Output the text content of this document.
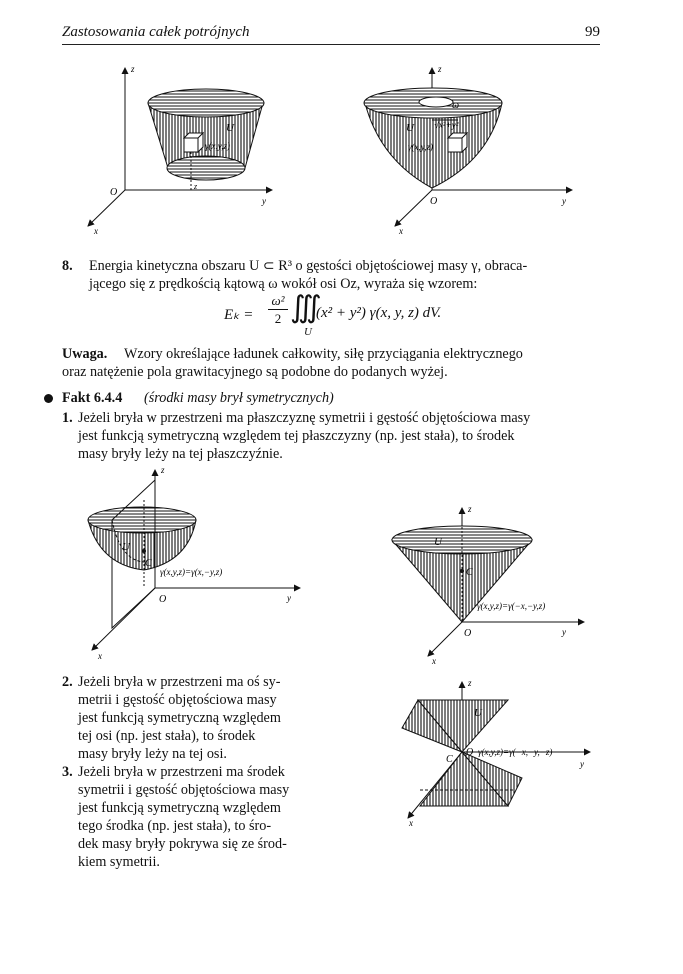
Zastosowania całek potrójnych	99
z
y
x
O
U
γ(x,y,z)
z
z
y
x
O
U
ω
√x²+y²
γ(x,y,z)
z
y
x
O
U
C
γ(x,y,z)=γ(x,−y,z)
z
y
x
O
U
C
γ(x,y,z)=γ(−x,−y,z)
z
y
x
O
U
C
γ(x,y,z)=γ(−x,−y,−z)
8. Energia kinetyczna obszaru U ⊂ R³ o gęstości objętościowej masy γ, obraca-
jącego się z prędkością kątową ω wokół osi Oz, wyraża się wzorem:
Eₖ =
ω²
2 ∭
(x² + y²) γ(x, y, z) dV.
U
Uwaga. Wzory określające ładunek całkowity, siłę przyciągania elektrycznego
oraz natężenie pola grawitacyjnego są podobne do podanych wyżej.
Fakt 6.4.4 (środki masy brył symetrycznych)
1. Jeżeli bryła w przestrzeni ma płaszczyznę symetrii i gęstość objętościowa masy
jest funkcją symetryczną względem tej płaszczyzny (np. jest stała), to środek
masy bryły leży na tej płaszczyźnie.
2. Jeżeli bryła w przestrzeni ma oś sy-
metrii i gęstość objętościowa masy
jest funkcją symetryczną względem
tej osi (np. jest stała), to środek
masy bryły leży na tej osi.
3. Jeżeli bryła w przestrzeni ma środek
symetrii i gęstość objętościowa masy
jest funkcją symetryczną względem
tego środka (np. jest stała), to śro-
dek masy bryły pokrywa się ze środ-
kiem symetrii.
